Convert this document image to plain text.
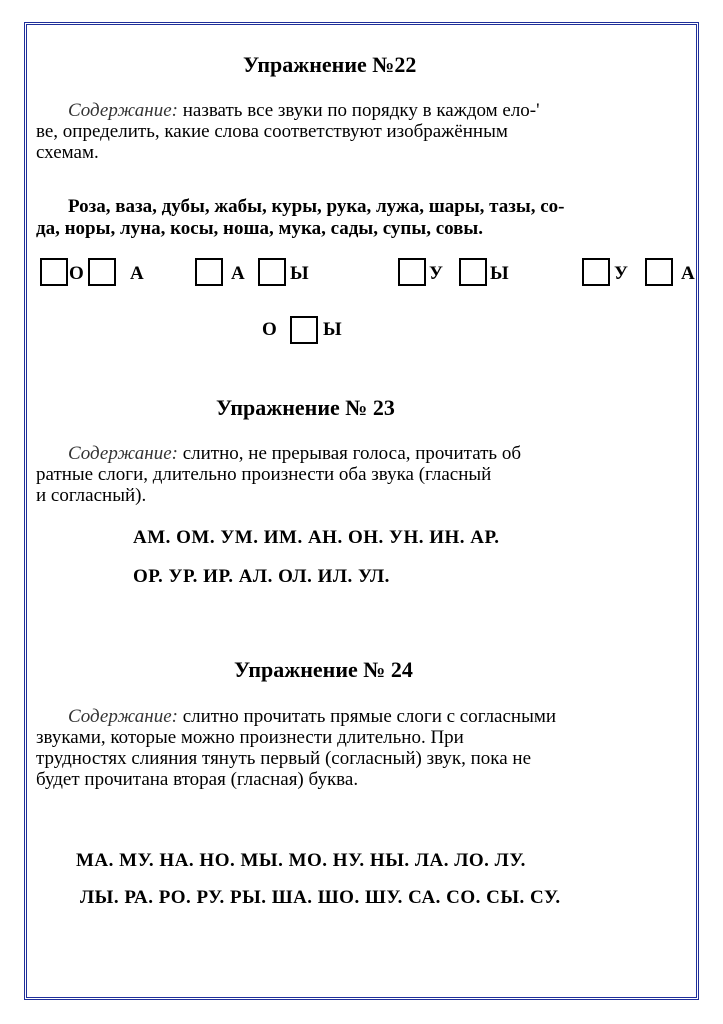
Упражнение №22
Содержание: назвать все звуки по порядку в каждом ело-'
ве, определить, какие слова соответствуют изображённым
схемам.
Роза, ваза, дубы, жабы, куры, рука, лужа, шары, тазы, со-
да, норы, луна, косы, ноша, мука, сады, супы, совы.
О А	А Ы	У Ы	У	А
О Ы
Упражнение № 23
Содержание: слитно, не прерывая голоса, прочитать об
ратные слоги, длительно произнести оба звука (гласный
и согласный).
АМ. ОМ. УМ. ИМ. АН. ОН. УН. ИН. АР.
ОР. УР. ИР. АЛ. ОЛ. ИЛ. УЛ.
Упражнение № 24
Содержание: слитно прочитать прямые слоги с согласными
звуками, которые можно произнести длительно. При
трудностях слияния тянуть первый (согласный) звук, пока не
будет прочитана вторая (гласная) буква.
МА. МУ. НА. НО. МЫ. МО. НУ. НЫ. ЛА. ЛО. ЛУ.
ЛЫ. РА. РО. РУ. РЫ. ША. ШО. ШУ. СА. СО. СЫ. СУ.
